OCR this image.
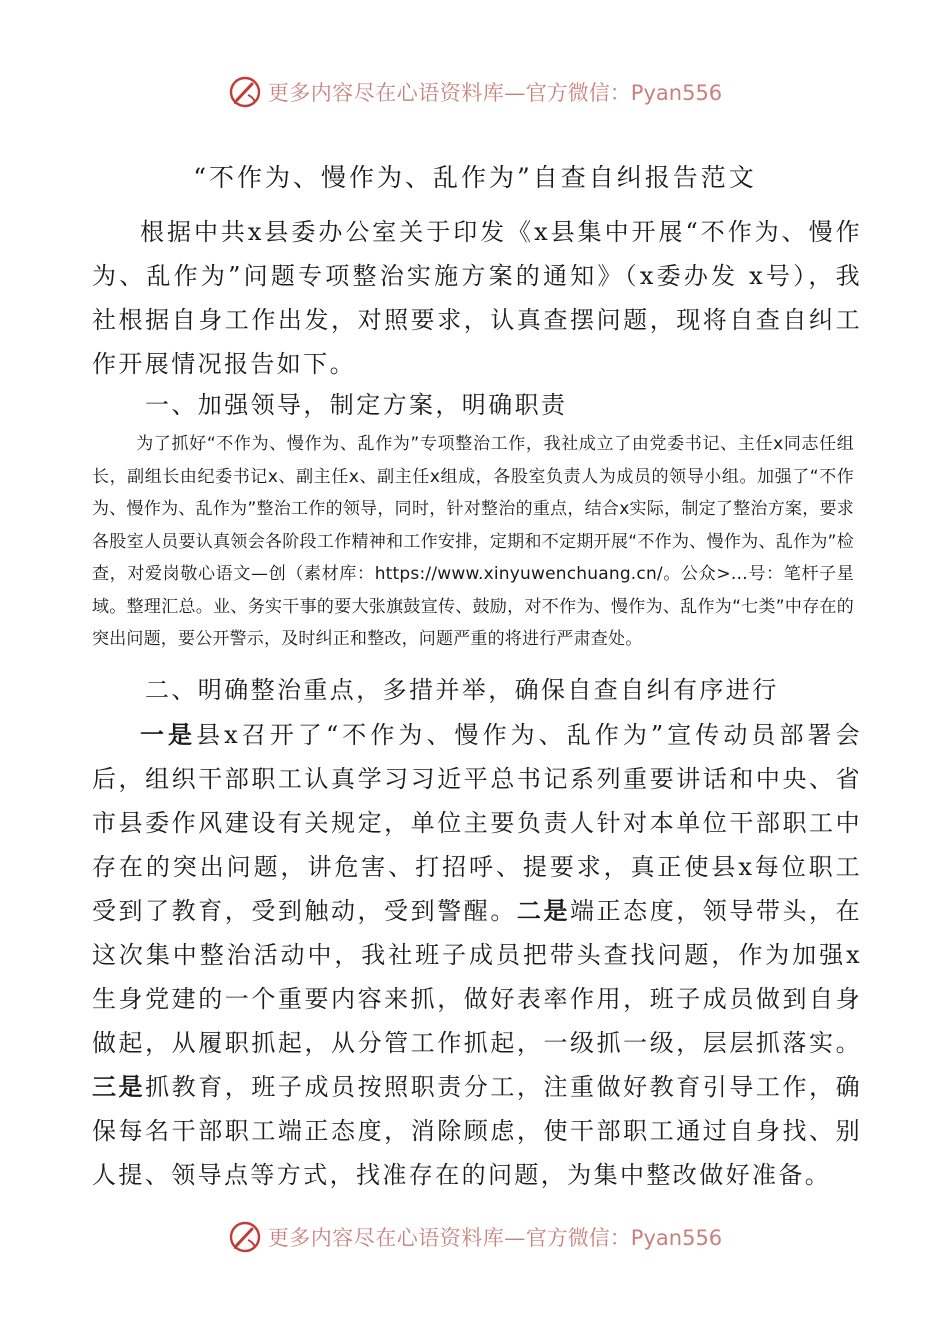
更多内容尽在心语资料库— 官方微信：Pyan556
“不作为、慢作为、乱作为”自查自纠报告范文

根据中共x县委办公室关于印发《x县集中开展“不作为、慢作为、乱作为”问题专项整治实施方案的通知》（x委办发 x号），我社根据自身工作出发，对照要求，认真查摆问题，现将自查自纠工作开展情况报告如下。

一、加强领导，制定方案，明确职责

为了抓好“不作为、慢作为、乱作为”专项整治工作，我社成立了由党委书记、主任x同志任组长，副组长由纪委书记x、副主任x、副主任x组成，各股室负责人为成员的领导小组。加强了“不作为、慢作为、乱作为”整治工作的领导，同时，针对整治的重点，结合x实际，制定了整治方案，要求各股室人员要认真领会各阶段工作精神和工作安排，定期和不定期开展“不作为、慢作为、乱作为”检查，对爱岗敬心语文—创（素材库：https://www.xinyuwenchuang.cn/。公众>…号：笔杆子星域。整理汇总。业、务实干事的要大张旗鼓宣传、鼓励，对不作为、慢作为、乱作为“七类”中存在的突出问题，要公开警示，及时纠正和整改，问题严重的将进行严肃查处。

二、明确整治重点，多措并举，确保自查自纠有序进行

一是县x召开了“不作为、慢作为、乱作为”宣传动员部署会后，组织干部职工认真学习习近平总书记系列重要讲话和中央、省市县委作风建设有关规定，单位主要负责人针对本单位干部职工中存在的突出问题，讲危害、打招呼、提要求，真正使县x每位职工受到了教育，受到触动，受到警醒。二是端正态度，领导带头，在这次集中整治活动中，我社班子成员把带头查找问题，作为加强x生身党建的一个重要内容来抓，做好表率作用，班子成员做到自身做起，从履职抓起，从分管工作抓起，一级抓一级，层层抓落实。三是抓教育，班子成员按照职责分工，注重做好教育引导工作，确保每名干部职工端正态度，消除顾虑，使干部职工通过自身找、别人提、领导点等方式，找准存在的问题，为集中整改做好准备。

更多内容尽在心语资料库— 官方微信：Pyan556
